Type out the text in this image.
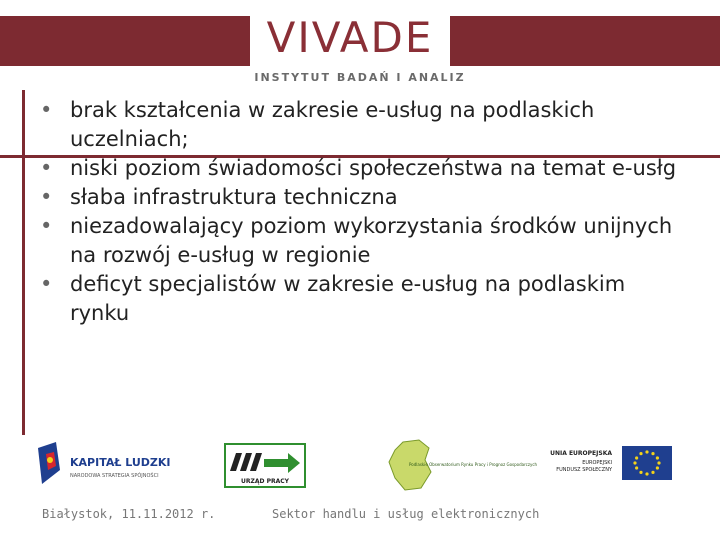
VIVADE
INSTYTUT BADAŃ I ANALIZ
• brak kształcenia w zakresie e-usług na podlaskich uczelniach;
• niski poziom świadomości społeczeństwa na temat e-usłg
• słaba infrastruktura techniczna
• niezadowalający poziom wykorzystania środków unijnych na rozwój e-usług w regionie
• deficyt specjalistów w zakresie e-usług na podlaskim rynku
KAPITAŁ LUDZKI
NARODOWA STRATEGIA SPÓJNOŚCI
URZĄD PRACY
Podlaskie Obserwatorium Rynku Pracy i Prognoz Gospodarczych
UNIA EUROPEJSKA
EUROPEJSKI
FUNDUSZ SPOŁECZNY
Białystok, 11.11.2012 r.	Sektor handlu i usług elektronicznych
